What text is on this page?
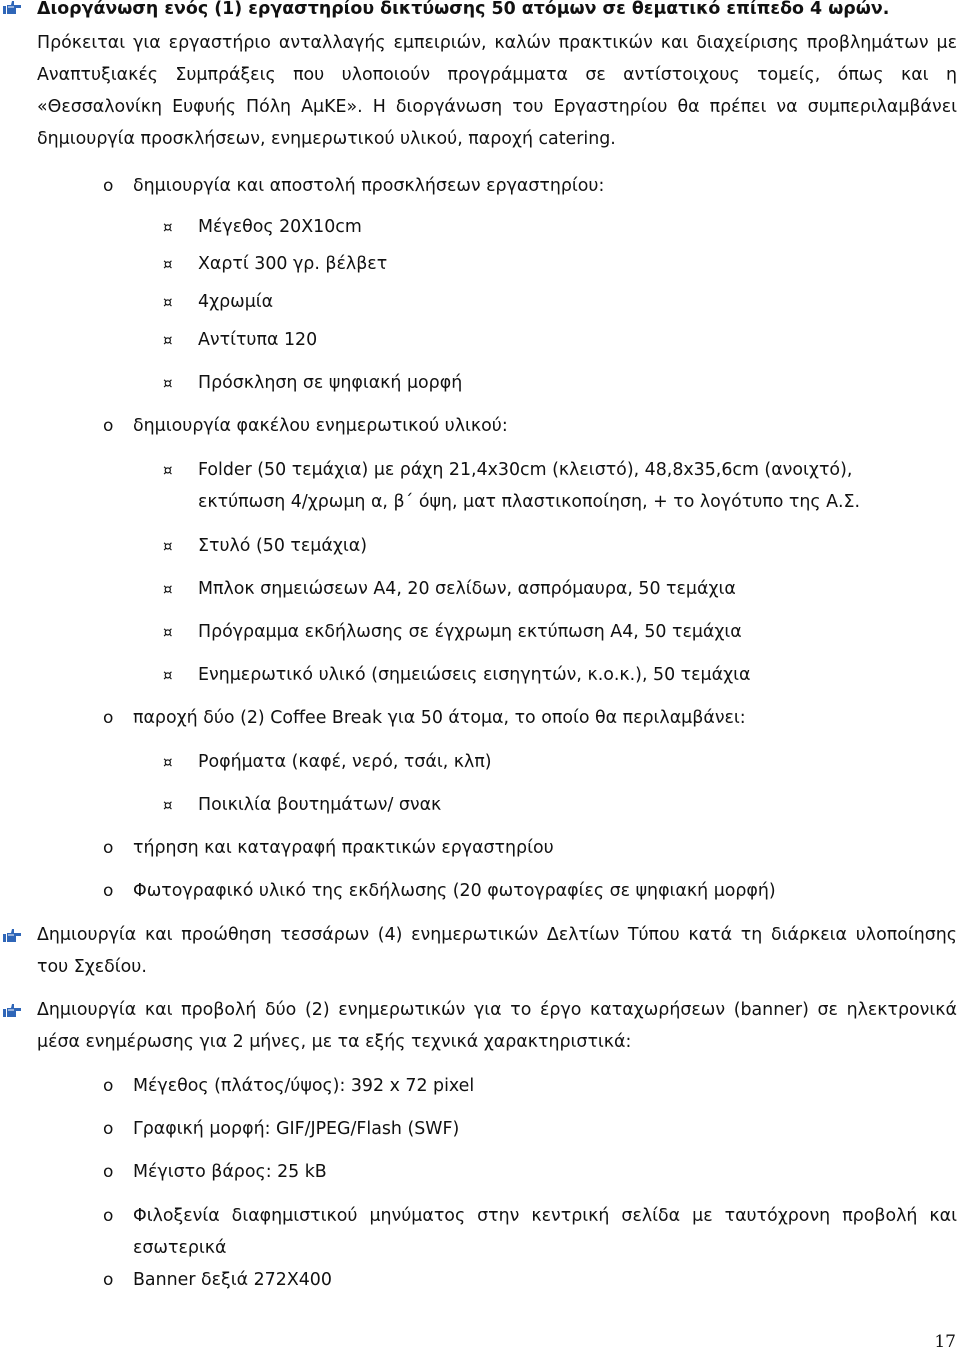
Διοργάνωση ενός (1) εργαστηρίου δικτύωσης 50 ατόμων σε θεματικό επίπεδο 4 ωρών.

Πρόκειται για εργαστήριο ανταλλαγής εμπειριών, καλών πρακτικών και διαχείρισης προβλημάτων με Αναπτυξιακές Συμπράξεις που υλοποιούν προγράμματα σε αντίστοιχους τομείς, όπως και η «Θεσσαλονίκη Ευφυής Πόλη ΑμΚΕ». Η διοργάνωση του Εργαστηρίου θα πρέπει να συμπεριλαμβάνει δημιουργία προσκλήσεων, ενημερωτικού υλικού, παροχή catering.

o δημιουργία και αποστολή προσκλήσεων εργαστηρίου:
¤ Μέγεθος 20X10cm
¤ Χαρτί 300 γρ. βέλβετ
¤ 4χρωμία
¤ Αντίτυπα 120
¤ Πρόσκληση σε ψηφιακή μορφή
o δημιουργία φακέλου ενημερωτικού υλικού:
¤ Folder (50 τεμάχια) με ράχη 21,4x30cm (κλειστό), 48,8x35,6cm (ανοιχτό), εκτύπωση 4/χρωμη α, β΄ όψη, ματ πλαστικοποίηση, + το λογότυπο της Α.Σ.
¤ Στυλό (50 τεμάχια)
¤ Μπλοκ σημειώσεων Α4, 20 σελίδων, ασπρόμαυρα, 50 τεμάχια
¤ Πρόγραμμα εκδήλωσης σε έγχρωμη εκτύπωση Α4, 50 τεμάχια
¤ Ενημερωτικό υλικό (σημειώσεις εισηγητών, κ.ο.κ.), 50 τεμάχια
o παροχή δύο (2) Coffee Break για 50 άτομα, το οποίο θα περιλαμβάνει:
¤ Ροφήματα (καφέ, νερό, τσάι, κλπ)
¤ Ποικιλία βουτημάτων/ σνακ
o τήρηση και καταγραφή πρακτικών εργαστηρίου
o Φωτογραφικό υλικό της εκδήλωσης (20 φωτογραφίες σε ψηφιακή μορφή)

Δημιουργία και προώθηση τεσσάρων (4) ενημερωτικών Δελτίων Τύπου κατά τη διάρκεια υλοποίησης του Σχεδίου.

Δημιουργία και προβολή δύο (2) ενημερωτικών για το έργο καταχωρήσεων (banner) σε ηλεκτρονικά μέσα ενημέρωσης για 2 μήνες, με τα εξής τεχνικά χαρακτηριστικά:

o Μέγεθος (πλάτος/ύψος): 392 x 72 pixel
o Γραφική μορφή: GIF/JPEG/Flash (SWF)
o Μέγιστο βάρος: 25 kB
o Φιλοξενία διαφημιστικού μηνύματος στην κεντρική σελίδα με ταυτόχρονη προβολή και εσωτερικά
o Banner δεξιά 272X400
17
